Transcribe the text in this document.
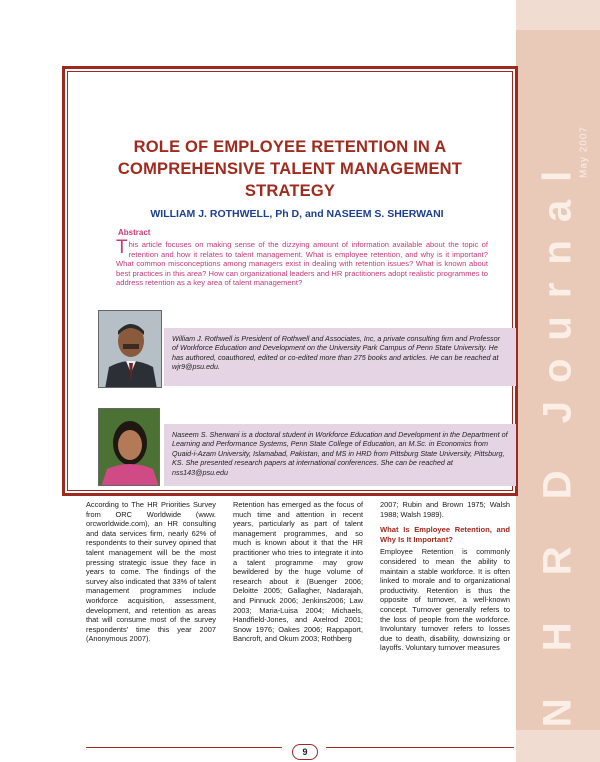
N H R D Journal
May 2007
ROLE OF EMPLOYEE RETENTION IN A
COMPREHENSIVE TALENT MANAGEMENT
STRATEGY
WILLIAM J. ROTHWELL, Ph D, and NASEEM S. SHERWANI
Abstract
This article focuses on making sense of the dizzying amount of information available about the topic of retention and how it relates to talent management. What is employee retention, and why is it important? What common misconceptions among managers exist in dealing with retention issues? What is known about best practices in this area? How can organizational leaders and HR practitioners adopt realistic programmes to address retention as a key area of talent management?
William J. Rothwell is President of Rothwell and Associates, Inc, a private consulting firm and Professor of Workforce Education and Development on the University Park Campus of Penn State University. He has authored, coauthored, edited or co-edited more than 275 books and articles. He can be reached at wjr9@psu.edu.
Naseem S. Sherwani is a doctoral student in Workforce Education and Development in the Department of Learning and Performance Systems, Penn State College of Education, an M.Sc. in Economics from Quaid-i-Azam University, Islamabad, Pakistan, and MS in HRD from Pittsburg State University, Pittsburg, KS. She presented research papers at international conferences. She can be reached at nss143@psu.edu
According to The HR Priorities Survey from ORC Worldwide (www. orcworldwide.com), an HR consulting and data services firm, nearly 62% of respondents to their survey opined that talent management will be the most pressing strategic issue they face in years to come. The findings of the survey also indicated that 33% of talent management programmes include workforce acquisition, assessment, development, and retention as areas that will consume most of the survey respondents' time this year 2007 (Anonymous 2007).
Retention has emerged as the focus of much time and attention in recent years, particularly as part of talent management programmes, and so much is known about it that the HR practitioner who tries to integrate it into a talent programme may grow bewildered by the huge volume of research about it (Buenger 2006; Deloitte 2005; Gallagher, Nadarajah, and Pinnuck 2006; Jenkins2006; Law 2003; Maria-Luisa 2004; Michaels, Handfield-Jones, and Axelrod 2001; Snow 1976; Oakes 2006; Rappaport, Bancroft, and Okum 2003; Rothberg
2007; Rubin and Brown 1975; Walsh 1988; Walsh 1989).
What Is Employee Retention, and Why Is It Important?
Employee Retention is commonly considered to mean the ability to maintain a stable workforce. It is often linked to morale and to organizational productivity. Retention is thus the opposite of turnover, a well-known concept. Turnover generally refers to the loss of people from the workforce. Involuntary turnover refers to losses due to death, disability, downsizing or layoffs. Voluntary turnover measures
9
